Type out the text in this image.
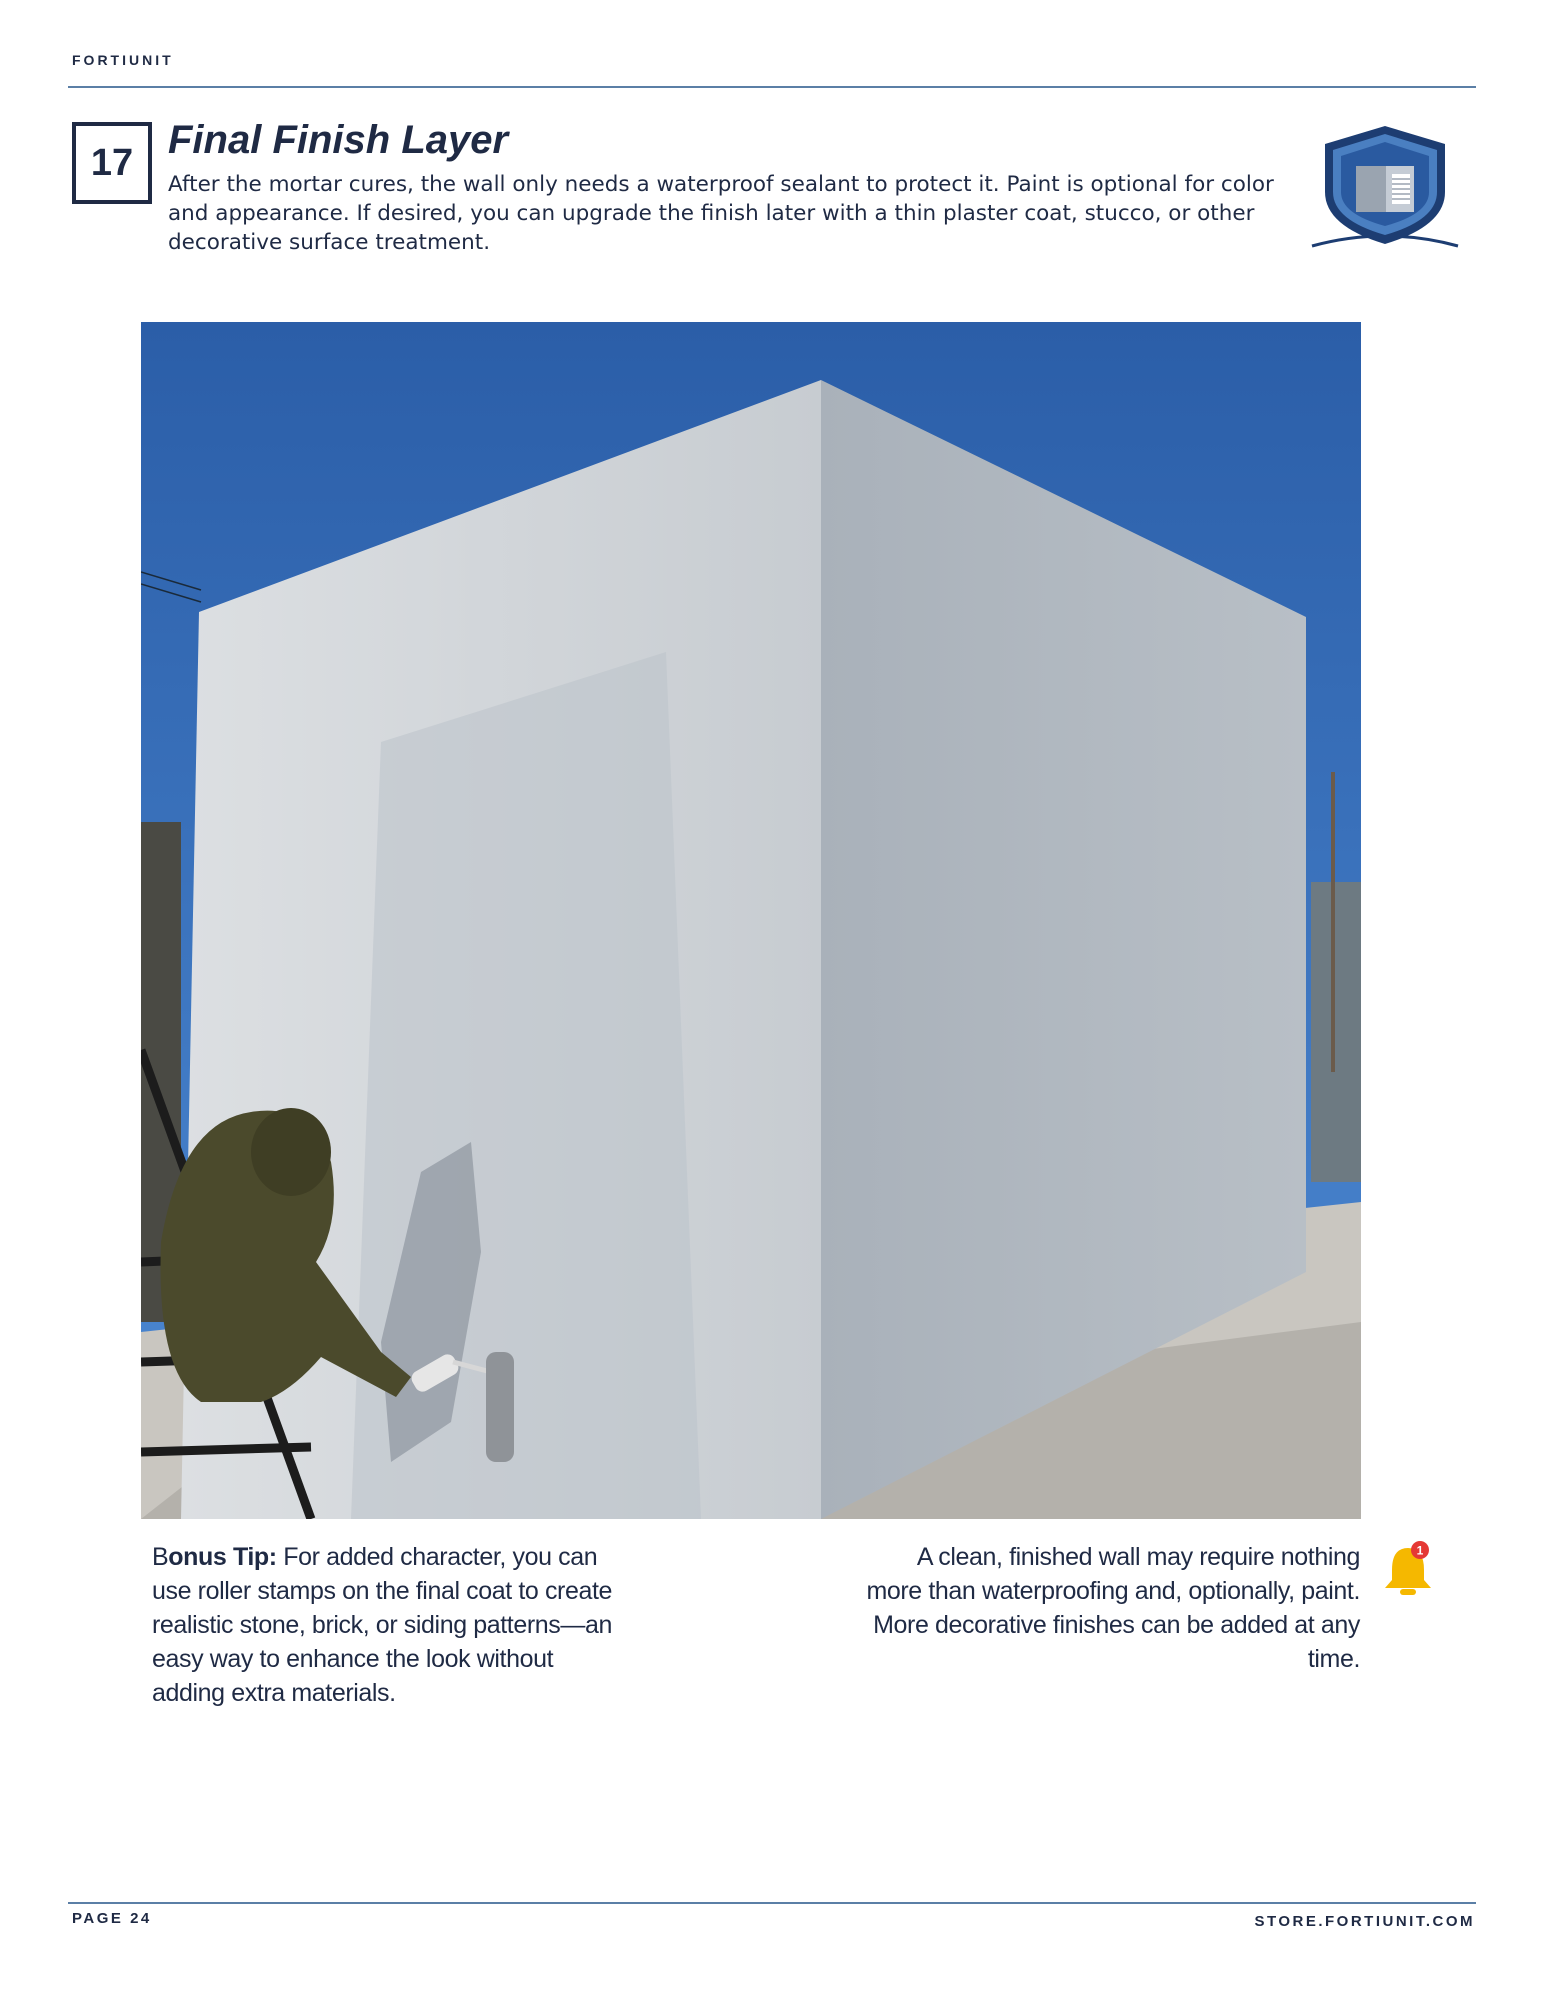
FORTIUNIT
17
Final Finish Layer

After the mortar cures, the wall only needs a waterproof sealant to protect it. Paint is optional for color and appearance. If desired, you can upgrade the finish later with a thin plaster coat, stucco, or other decorative surface treatment.

Bonus Tip: For added character, you can use roller stamps on the final coat to create realistic stone, brick, or siding patterns—an easy way to enhance the look without adding extra materials.

A clean, finished wall may require nothing more than waterproofing and, optionally, paint. More decorative finishes can be added at any time.

1
PAGE 24	STORE.FORTIUNIT.COM
